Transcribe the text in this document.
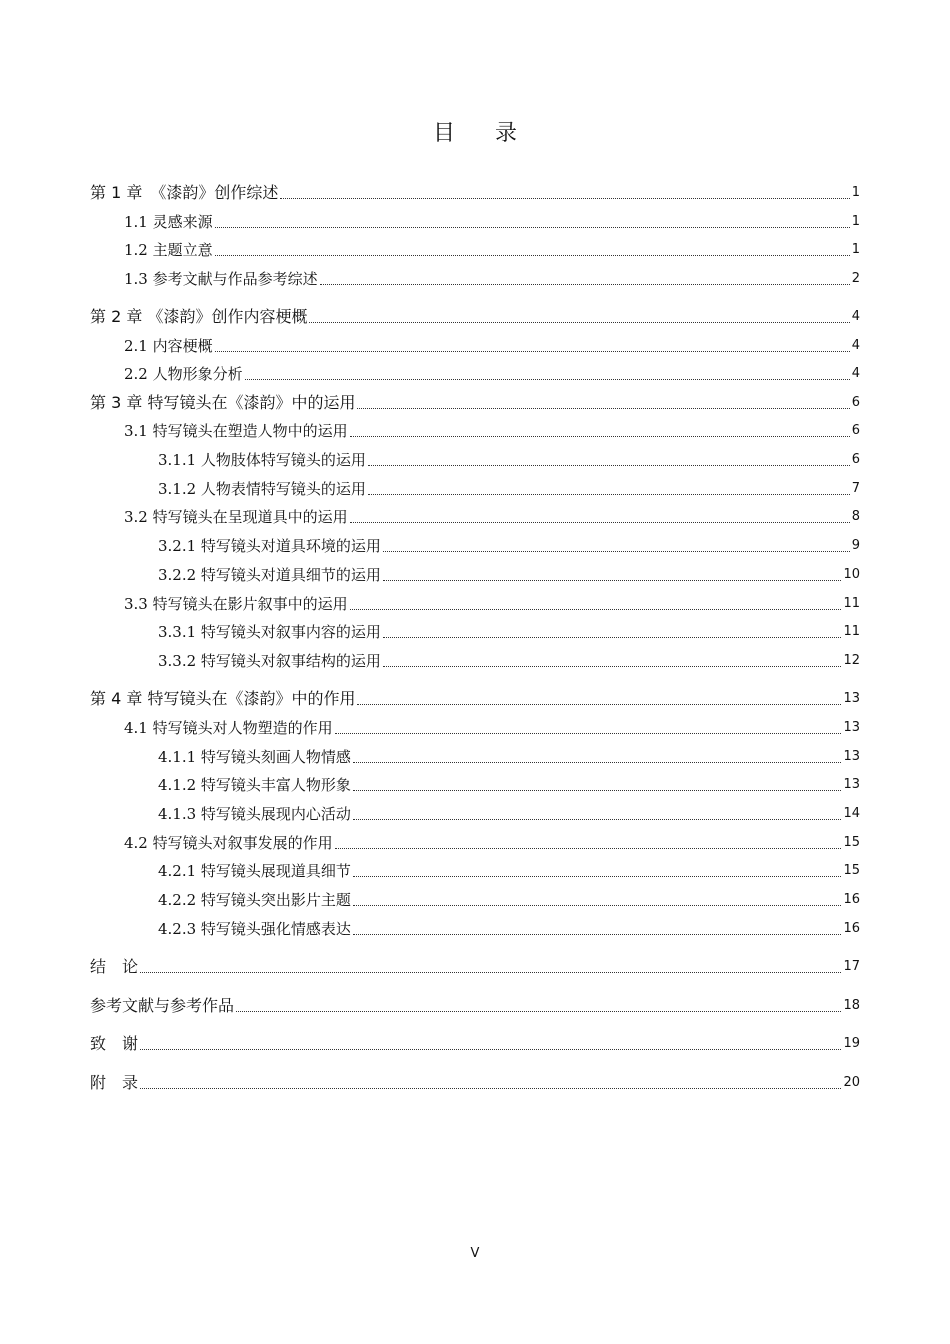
目 录
第 1 章　《漆韵》创作综述	1
1.1 灵感来源	1
1.2 主题立意	1
1.3 参考文献与作品参考综述	2
第 2 章 《漆韵》创作内容梗概	4
2.1 内容梗概	4
2.2 人物形象分析	4
第 3 章 特写镜头在《漆韵》中的运用	6
3.1 特写镜头在塑造人物中的运用	6
3.1.1 人物肢体特写镜头的运用	6
3.1.2 人物表情特写镜头的运用	7
3.2 特写镜头在呈现道具中的运用	8
3.2.1 特写镜头对道具环境的运用	9
3.2.2 特写镜头对道具细节的运用	10
3.3 特写镜头在影片叙事中的运用	11
3.3.1 特写镜头对叙事内容的运用	11
3.3.2 特写镜头对叙事结构的运用	12
第 4 章 特写镜头在《漆韵》中的作用	13
4.1 特写镜头对人物塑造的作用	13
4.1.1 特写镜头刻画人物情感	13
4.1.2 特写镜头丰富人物形象	13
4.1.3 特写镜头展现内心活动	14
4.2 特写镜头对叙事发展的作用	15
4.2.1 特写镜头展现道具细节	15
4.2.2 特写镜头突出影片主题	16
4.2.3 特写镜头强化情感表达	16
结　论	17
参考文献与参考作品	18
致　谢	19
附　录	20
V
